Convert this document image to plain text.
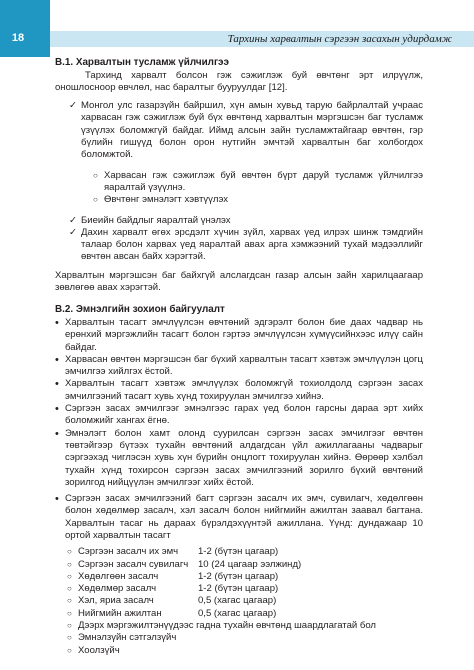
18	Тархины харвалтын сэргээн засахын удирдамж
В.1. Харвалтын тусламж үйлчилгээ
Тархинд харвалт болсон гэж сэжиглэж буй өвчтөнг эрт илрүүлж, оношлосноор өвчлөл, нас баралтыг бууруулдаг [12].
✓ Монгол улс газарзүйн байршил, хүн амын хувьд тарую байрлалтай учраас харвасан гэж сэжиглэж буй бүх өвчтөнд харвалтын мэргэшсэн баг тусламж үзүүлэх боломжгүй байдаг. Иймд алсын зайн тусламжтайгаар өвчтөн, гэр бүлийн гишүүд болон орон нутгийн эмчтэй харвалтын баг холбогдох боломжтой.
○ Харвасан гэж сэжиглэж буй өвчтөн бүрт даруй тусламж үйлчилгээ яаралтай үзүүлнэ.
○ Өвчтөнг эмнэлэгт хэвтүүлэх
✓ Биеийн байдлыг яаралтай үнэлэх
✓ Дахин харвалт өгөх эрсдэлт хүчин зүйл, харвах үед илрэх шинж тэмдгийн талаар болон харвах үед яаралтай авах арга хэмжээний тухай мэдээллийг өвчтөн авсан байх хэрэгтэй.
Харвалтын мэргэшсэн баг байхгүй алслагдсан газар алсын зайн харилцаагаар зөвлөгөө авах хэрэгтэй.
В.2. Эмнэлгийн зохион байгуулалт
• Харвалтын тасагт эмчлүүлсэн өвчтөний эдгэрэлт болон бие даах чадвар нь ерөнхий мэргэжлийн тасагт болон гэртээ эмчлүүлсэн хүмүүсийнхээс илүү сайн байдаг.
• Харвасан өвчтөн мэргэшсэн баг бүхий харвалтын тасагт хэвтэж эмчлүүлэн цогц эмчилгээ хийлгэх ёстой.
• Харвалтын тасагт хэвтэж эмчлүүлэх боломжгүй тохиолдолд сэргээн засах эмчилгээний тасагт хувь хүнд тохируулан эмчилгээ хийнэ.
• Сэргээн засах эмчилгээг эмнэлгээс гарах үед болон гарсны дараа эрт хийх боломжийг хангах ёгнө.
• Эмнэлэгт болон хамт олонд суурилсан сэргээн засах эмчилгээг өвчтөн төвтэйгээр бүтээх тухайн өвчтөний алдагдсан үйл ажиллагааны чадварыг сэргээхэд чиглэсэн хувь хүн бүрийн онцлогт тохируулан хийнэ. Өөрөөр хэлбэл тухайн хүнд тохирсон сэргээн засах эмчилгээний зорилго бүхий өвчтөний зорилгод нийцүүлэн эмчилгээг хийх ёстой.
• Сэргээн засах эмчилгээний багт сэргээн засалч их эмч, сувилагч, хөдөлгөөн болон хөдөлмөр засалч, хэл засалч болон нийгмийн ажилтан заавал багтана. Харвалтын тасаг нь дараах бүрэлдэхүүнтэй ажиллана. Үүнд: дундажаар 10 ортой харвалтын тасагт
○ Сэргээн засалч их эмч	1-2 (бүтэн цагаар)
○ Сэргээн засалч сувилагч	10 (24 цагаар ээлжинд)
○ Хөдөлгөөн засалч	1-2 (бүтэн цагаар)
○ Хөдөлмөр засалч	1-2 (бүтэн цагаар)
○ Хэл, яриа засалч	0,5 (хагас цагаар)
○ Нийгмийн ажилтан	0,5 (хагас цагаар)
○ Дээрх мэргэжилтэнүүдээс гадна тухайн өвчтөнд шаардлагатай бол
○ Эмнэлзүйн сэтгэлзүйч
○ Хоолзүйч
